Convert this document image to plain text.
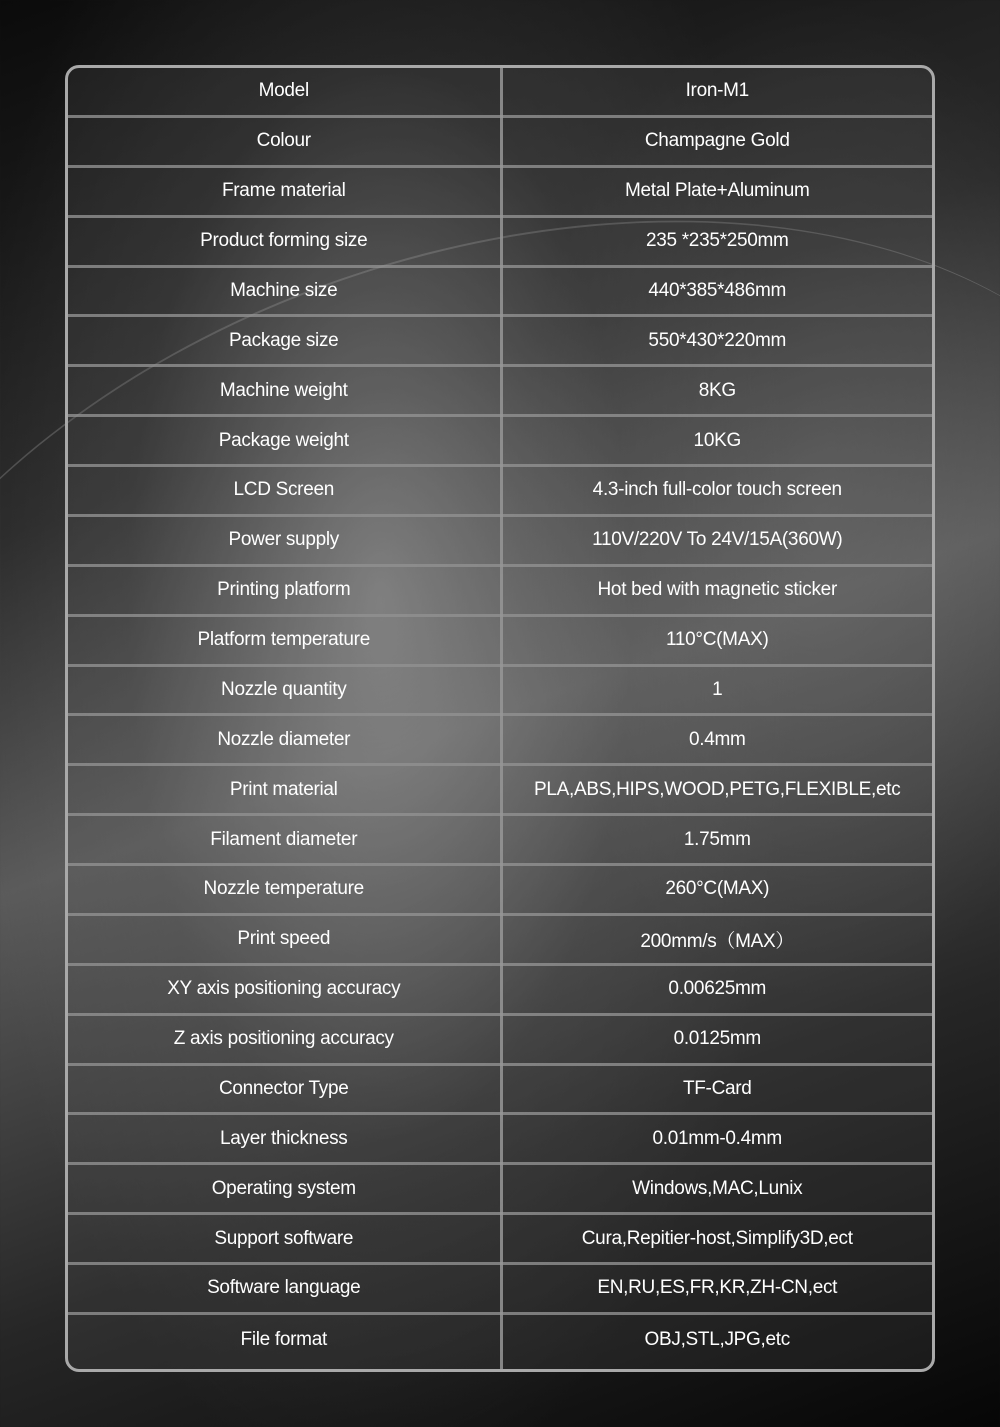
Model	Iron-M1
Colour	Champagne Gold
Frame material	Metal Plate+Aluminum
Product forming size	235 *235*250mm
Machine size	440*385*486mm
Package size	550*430*220mm
Machine weight	8KG
Package weight	10KG
LCD Screen	4.3-inch full-color touch screen
Power supply	110V/220V To 24V/15A(360W)
Printing platform	Hot bed with magnetic sticker
Platform temperature	110°C(MAX)
Nozzle quantity	1
Nozzle diameter	0.4mm
Print material	PLA,ABS,HIPS,WOOD,PETG,FLEXIBLE,etc
Filament diameter	1.75mm
Nozzle temperature	260°C(MAX)
Print speed	200mm/s（MAX）
XY axis positioning accuracy	0.00625mm
Z axis positioning accuracy	0.0125mm
Connector Type	TF-Card
Layer thickness	0.01mm-0.4mm
Operating system	Windows,MAC,Lunix
Support software	Cura,Repitier-host,Simplify3D,ect
Software language	EN,RU,ES,FR,KR,ZH-CN,ect
File format	OBJ,STL,JPG,etc
